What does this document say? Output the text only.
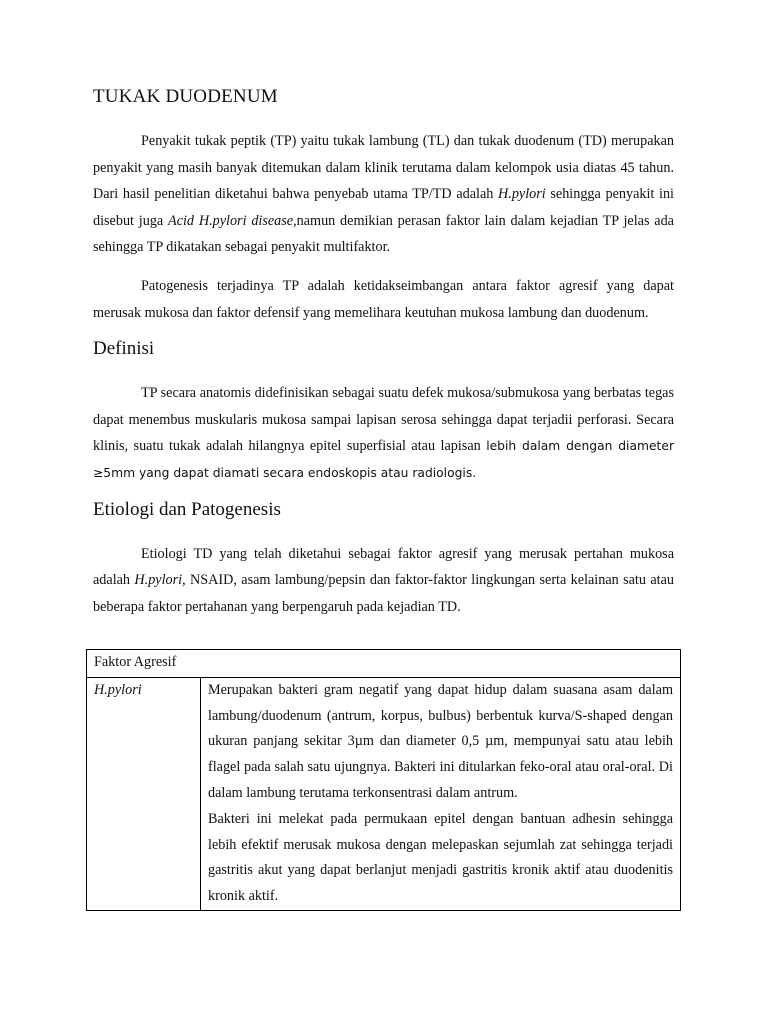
TUKAK DUODENUM

Penyakit tukak peptik (TP) yaitu tukak lambung (TL) dan tukak duodenum (TD) merupakan penyakit yang masih banyak ditemukan dalam klinik terutama dalam kelompok usia diatas 45 tahun. Dari hasil penelitian diketahui bahwa penyebab utama TP/TD adalah H.pylori sehingga penyakit ini disebut juga Acid H.pylori disease,namun demikian perasan faktor lain dalam kejadian TP jelas ada sehingga TP dikatakan sebagai penyakit multifaktor.

Patogenesis terjadinya TP adalah ketidakseimbangan antara faktor agresif yang dapat merusak mukosa dan faktor defensif yang memelihara keutuhan mukosa lambung dan duodenum.

Definisi

TP secara anatomis didefinisikan sebagai suatu defek mukosa/submukosa yang berbatas tegas dapat menembus muskularis mukosa sampai lapisan serosa sehingga dapat terjadii perforasi. Secara klinis, suatu tukak adalah hilangnya epitel superfisial atau lapisan lebih dalam dengan diameter ≥5mm yang dapat diamati secara endoskopis atau radiologis.

Etiologi dan Patogenesis

Etiologi TD yang telah diketahui sebagai faktor agresif yang merusak pertahan mukosa adalah H.pylori, NSAID, asam lambung/pepsin dan faktor-faktor lingkungan serta kelainan satu atau beberapa faktor pertahanan yang berpengaruh pada kejadian TD.

Faktor Agresif
H.pylori	Merupakan bakteri gram negatif yang dapat hidup dalam suasana asam dalam lambung/duodenum (antrum, korpus, bulbus) berbentuk kurva/S-shaped dengan ukuran panjang sekitar 3µm dan diameter 0,5 µm, mempunyai satu atau lebih flagel pada salah satu ujungnya. Bakteri ini ditularkan feko-oral atau oral-oral. Di dalam lambung terutama terkonsentrasi dalam antrum.
Bakteri ini melekat pada permukaan epitel dengan bantuan adhesin sehingga lebih efektif merusak mukosa dengan melepaskan sejumlah zat sehingga terjadi gastritis akut yang dapat berlanjut menjadi gastritis kronik aktif atau duodenitis kronik aktif.
